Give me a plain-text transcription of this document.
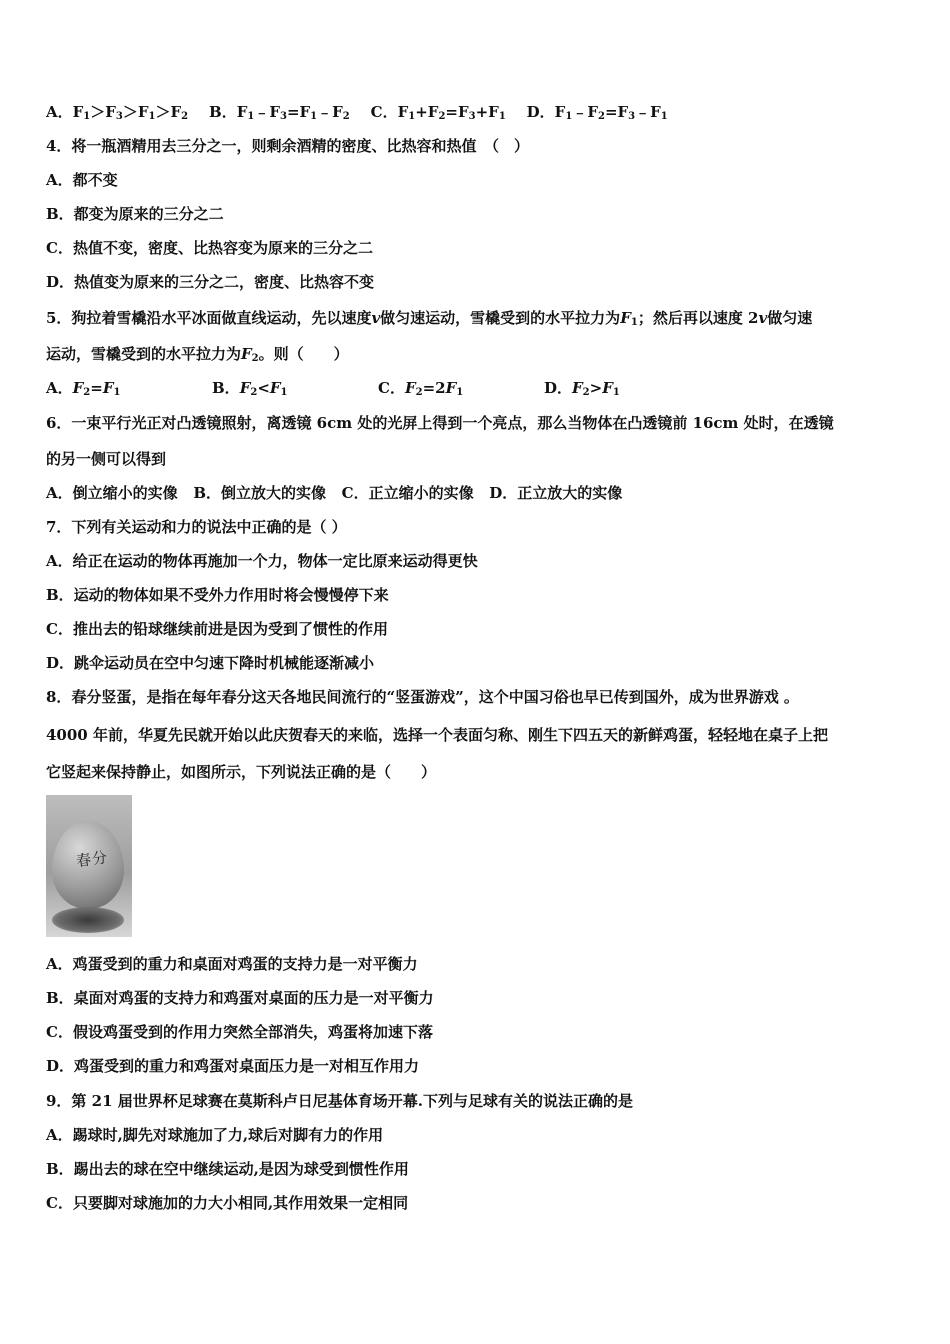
A．$F_1>F_3>F_1>F_2$ B．$F_1﹣F_3=F_1﹣F_2$ C．$F_1+F_2=F_3+F_1$ D．$F_1﹣F_2=F_3﹣F_1$
4．将一瓶酒精用去三分之一，则剩余酒精的密度、比热容和热值　（　）
A．都不变
B．都变为原来的三分之二
C．热值不变，密度、比热容变为原来的三分之二
D．热值变为原来的三分之二，密度、比热容不变
5．狗拉着雪橇沿水平冰面做直线运动，先以速度v做匀速运动，雪橇受到的水平拉力为$F_1$；然后再以速度 2v做匀速
运动，雪橇受到的水平拉力为$F_2$。则（　　）
A．$F_2=F_1$	B．$F_2<F_1$	C．$F_2=2F_1$	D．$F_2>F_1$
6．一束平行光正对凸透镜照射，离透镜 6cm 处的光屏上得到一个亮点，那么当物体在凸透镜前 16cm 处时，在透镜
的另一侧可以得到
A．倒立缩小的实像 B．倒立放大的实像 C．正立缩小的实像 D．正立放大的实像
7．下列有关运动和力的说法中正确的是（ ）
A．给正在运动的物体再施加一个力，物体一定比原来运动得更快
B．运动的物体如果不受外力作用时将会慢慢停下来
C．推出去的铅球继续前进是因为受到了惯性的作用
D．跳伞运动员在空中匀速下降时机械能逐渐减小
8．春分竖蛋，是指在每年春分这天各地民间流行的“竖蛋游戏”，这个中国习俗也早已传到国外，成为世界游戏 。
4000 年前，华夏先民就开始以此庆贺春天的来临，选择一个表面匀称、刚生下四五天的新鲜鸡蛋，轻轻地在桌子上把
它竖起来保持静止，如图所示，下列说法正确的是（　　）
春分
A．鸡蛋受到的重力和桌面对鸡蛋的支持力是一对平衡力
B．桌面对鸡蛋的支持力和鸡蛋对桌面的压力是一对平衡力
C．假设鸡蛋受到的作用力突然全部消失，鸡蛋将加速下落
D．鸡蛋受到的重力和鸡蛋对桌面压力是一对相互作用力
9．第 21 届世界杯足球赛在莫斯科卢日尼基体育场开幕.下列与足球有关的说法正确的是
A．踢球时,脚先对球施加了力,球后对脚有力的作用
B．踢出去的球在空中继续运动,是因为球受到惯性作用
C．只要脚对球施加的力大小相同,其作用效果一定相同
